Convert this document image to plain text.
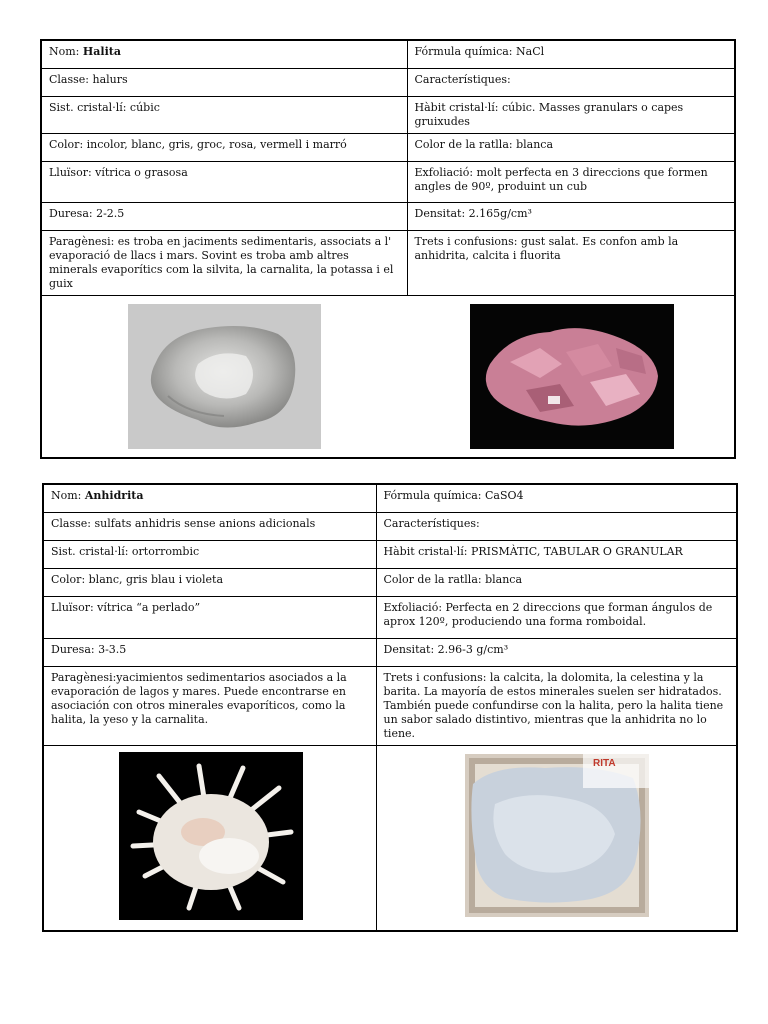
Nom: Halita	Fórmula química: NaCl
Classe: halurs	Característiques:
Sist. cristal·lí: cúbic	Hàbit cristal·lí: cúbic. Masses granulars o capes gruixudes
Color: incolor, blanc, gris, groc, rosa, vermell i marró	Color de la ratlla: blanca
Lluïsor: vítrica o grasosa	Exfoliació: molt perfecta en 3 direccions que formen angles de 90º, produint un cub
Duresa: 2-2.5	Densitat: 2.165g/cm³
Paragènesi: es troba en jaciments sedimentaris, associats a l' evaporació de llacs i mars. Sovint es troba amb altres minerals evaporítics com la silvita, la carnalita, la potassa i el guix	Trets i confusions: gust salat. Es confon amb la anhidrita, calcita i fluorita

Nom: Anhidrita	Fórmula química: CaSO4
Classe: sulfats anhidris sense anions adicionals	Característiques:
Sist. cristal·lí: ortorrombic	Hàbit cristal·lí: PRISMÀTIC, TABULAR O GRANULAR
Color: blanc, gris blau i violeta	Color de la ratlla: blanca
Lluïsor: vítrica “a perlado”	Exfoliació: Perfecta en 2 direccions que forman ángulos de aprox 120º, produciendo una forma romboidal.
Duresa: 3-3.5	Densitat: 2.96-3 g/cm³
Paragènesi:yacimientos sedimentarios asociados a la evaporación de lagos y mares. Puede encontrarse en asociación con otros minerales evaporíticos, como la halita, la yeso y la carnalita.	Trets i confusions: la calcita, la dolomita, la celestina y la barita. La mayoría de estos minerales suelen ser hidratados. También puede confundirse con la halita, pero la halita tiene un sabor salado distintivo, mientras que la anhidrita no lo tiene.

RITA
